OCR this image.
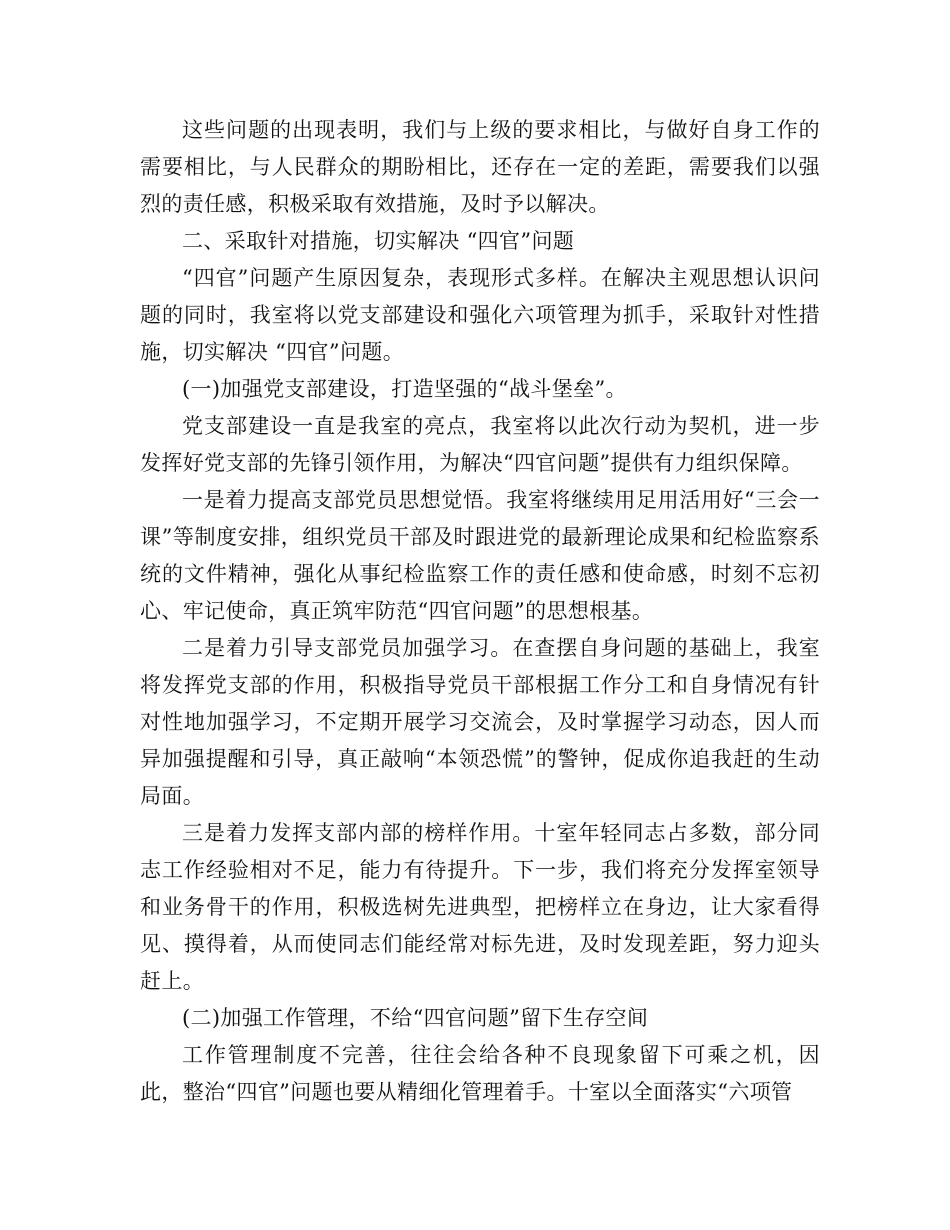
这些问题的出现表明，我们与上级的要求相比，与做好自身工作的需要相比，与人民群众的期盼相比，还存在一定的差距，需要我们以强烈的责任感，积极采取有效措施，及时予以解决。

二、采取针对措施，切实解决 “四官”问题

“四官”问题产生原因复杂，表现形式多样。在解决主观思想认识问题的同时，我室将以党支部建设和强化六项管理为抓手，采取针对性措施，切实解决 “四官”问题。

(一)加强党支部建设，打造坚强的“战斗堡垒”。

党支部建设一直是我室的亮点，我室将以此次行动为契机，进一步发挥好党支部的先锋引领作用，为解决“四官问题”提供有力组织保障。

一是着力提高支部党员思想觉悟。我室将继续用足用活用好“三会一课”等制度安排，组织党员干部及时跟进党的最新理论成果和纪检监察系统的文件精神，强化从事纪检监察工作的责任感和使命感，时刻不忘初心、牢记使命，真正筑牢防范“四官问题”的思想根基。

二是着力引导支部党员加强学习。在查摆自身问题的基础上，我室将发挥党支部的作用，积极指导党员干部根据工作分工和自身情况有针对性地加强学习，不定期开展学习交流会，及时掌握学习动态，因人而异加强提醒和引导，真正敲响“本领恐慌”的警钟，促成你追我赶的生动局面。

三是着力发挥支部内部的榜样作用。十室年轻同志占多数，部分同志工作经验相对不足，能力有待提升。下一步，我们将充分发挥室领导和业务骨干的作用，积极选树先进典型，把榜样立在身边，让大家看得见、摸得着，从而使同志们能经常对标先进，及时发现差距，努力迎头赶上。

(二)加强工作管理，不给“四官问题”留下生存空间

工作管理制度不完善，往往会给各种不良现象留下可乘之机，因此，整治“四官”问题也要从精细化管理着手。十室以全面落实“六项管
